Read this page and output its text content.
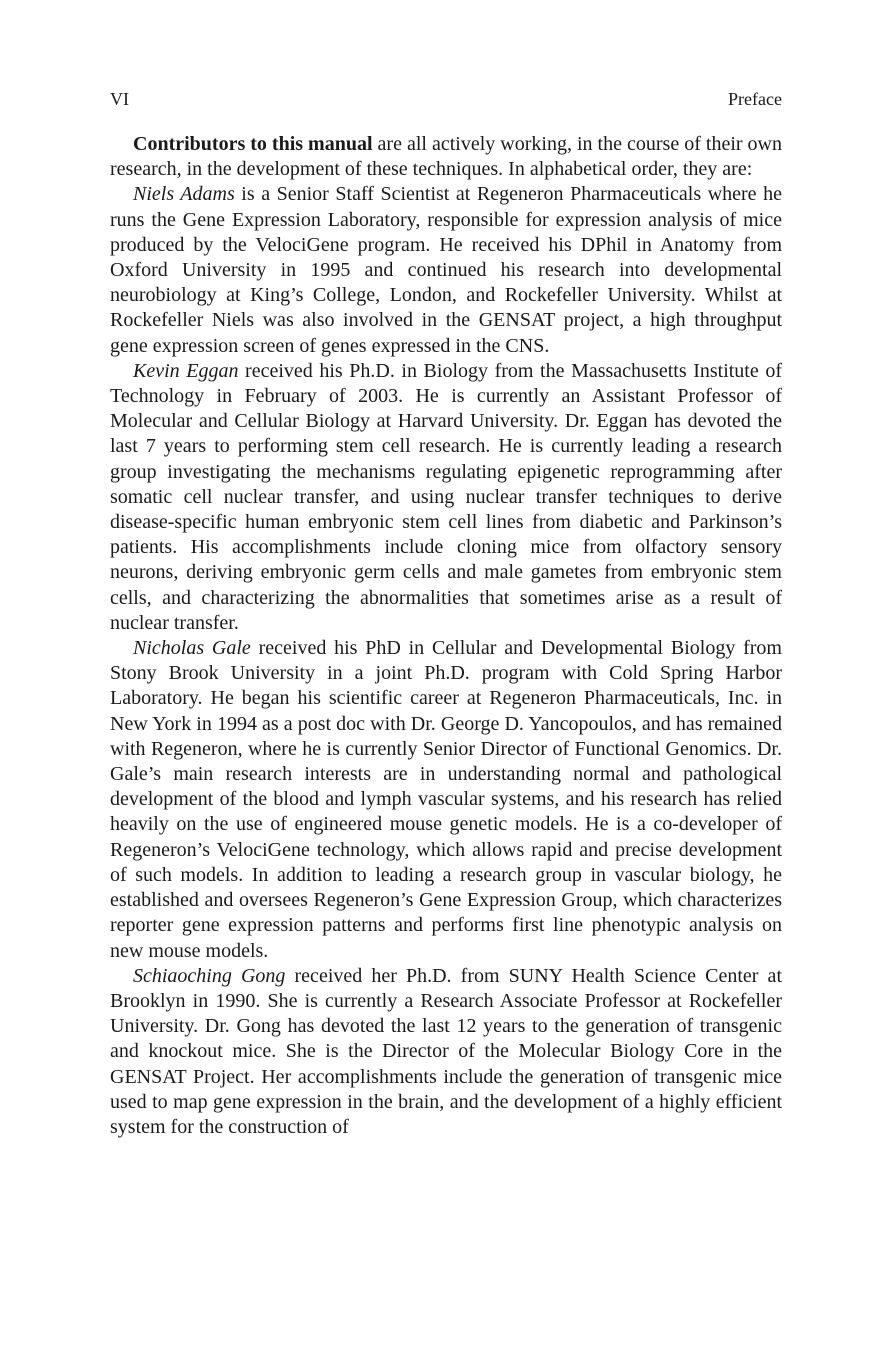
VI	Preface

Contributors to this manual are all actively working, in the course of their own research, in the development of these techniques. In alphabetical order, they are:

Niels Adams is a Senior Staff Scientist at Regeneron Pharmaceuticals where he runs the Gene Expression Laboratory, responsible for expression analysis of mice produced by the VelociGene program. He received his DPhil in Anatomy from Oxford University in 1995 and continued his research into developmental neurobiology at King’s College, London, and Rockefeller University. Whilst at Rockefeller Niels was also involved in the GENSAT project, a high throughput gene expression screen of genes expressed in the CNS.

Kevin Eggan received his Ph.D. in Biology from the Massachusetts Institute of Technology in February of 2003. He is currently an Assistant Professor of Molecular and Cellular Biology at Harvard University. Dr. Eggan has devoted the last 7 years to performing stem cell research. He is currently leading a research group investigating the mechanisms regulating epigenetic reprogramming after somatic cell nuclear transfer, and using nuclear transfer techniques to derive disease-specific human embryonic stem cell lines from diabetic and Parkinson’s patients. His accomplishments include cloning mice from olfactory sensory neurons, deriving embryonic germ cells and male gametes from embryonic stem cells, and characterizing the abnormalities that sometimes arise as a result of nuclear transfer.

Nicholas Gale received his PhD in Cellular and Developmental Biology from Stony Brook University in a joint Ph.D. program with Cold Spring Harbor Laboratory. He began his scientific career at Regeneron Pharmaceuticals, Inc. in New York in 1994 as a post doc with Dr. George D. Yancopoulos, and has remained with Regeneron, where he is currently Senior Director of Functional Genomics. Dr. Gale’s main research interests are in understanding normal and pathological development of the blood and lymph vascular systems, and his research has relied heavily on the use of engineered mouse genetic models. He is a co-developer of Regeneron’s VelociGene technology, which allows rapid and precise development of such models. In addition to leading a research group in vascular biology, he established and oversees Regeneron’s Gene Expression Group, which characterizes reporter gene expression patterns and performs first line phenotypic analysis on new mouse models.

Schiaoching Gong received her Ph.D. from SUNY Health Science Center at Brooklyn in 1990. She is currently a Research Associate Professor at Rockefeller University. Dr. Gong has devoted the last 12 years to the generation of transgenic and knockout mice. She is the Director of the Molecular Biology Core in the GENSAT Project. Her accomplishments include the generation of transgenic mice used to map gene expression in the brain, and the development of a highly efficient system for the construction of
